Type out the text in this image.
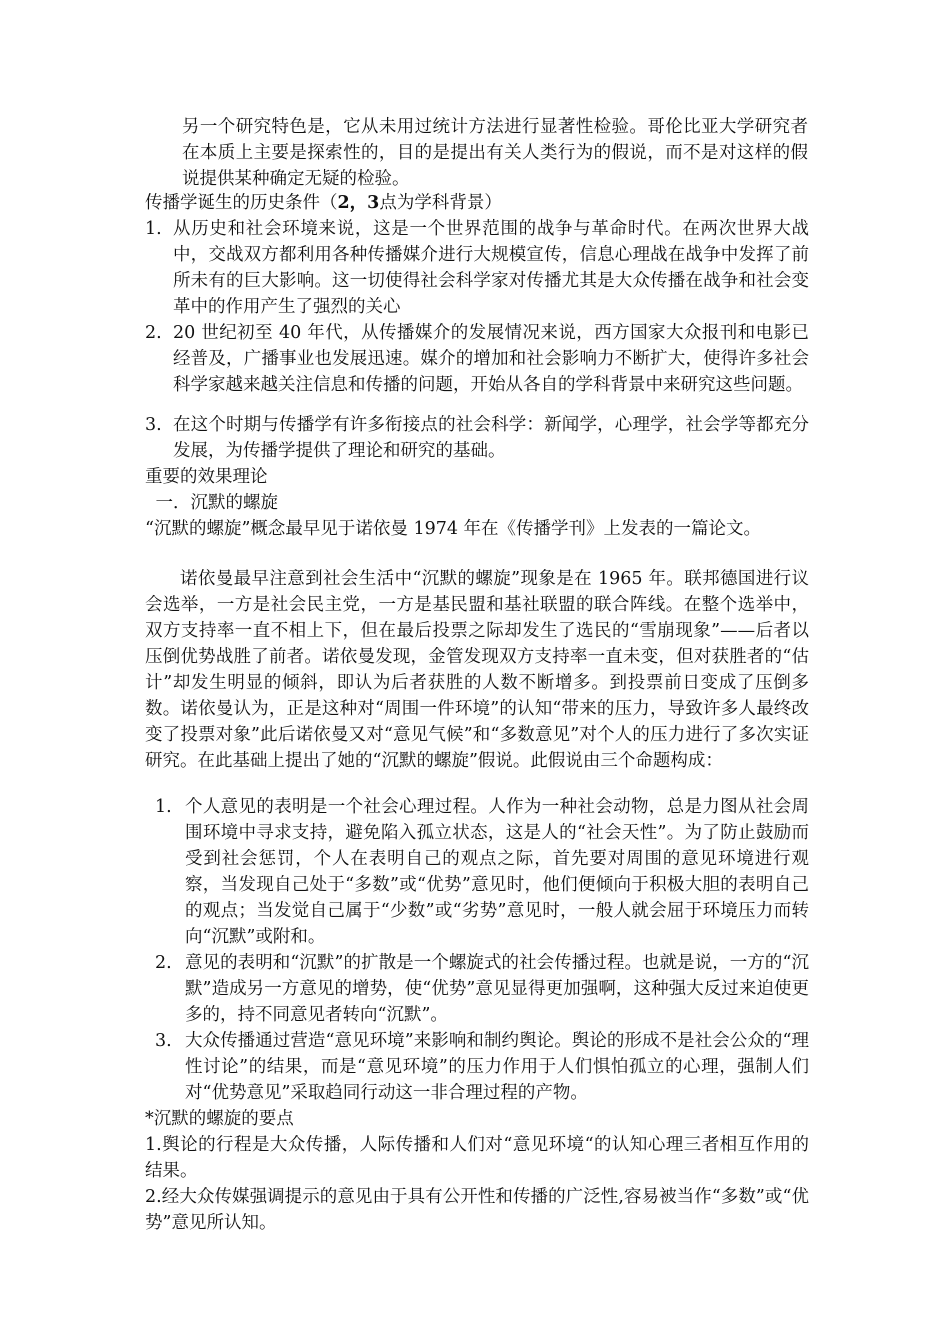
另一个研究特色是，它从未用过统计方法进行显著性检验。哥伦比亚大学研究者在本质上主要是探索性的，目的是提出有关人类行为的假说，而不是对这样的假说提供某种确定无疑的检验。
传播学诞生的历史条件（2，3点为学科背景）
1. 从历史和社会环境来说，这是一个世界范围的战争与革命时代。在两次世界大战中，交战双方都利用各种传播媒介进行大规模宣传，信息心理战在战争中发挥了前所未有的巨大影响。这一切使得社会科学家对传播尤其是大众传播在战争和社会变革中的作用产生了强烈的关心
2. 20 世纪初至 40 年代，从传播媒介的发展情况来说，西方国家大众报刊和电影已经普及，广播事业也发展迅速。媒介的增加和社会影响力不断扩大，使得许多社会科学家越来越关注信息和传播的问题，开始从各自的学科背景中来研究这些问题。
3. 在这个时期与传播学有许多衔接点的社会科学：新闻学，心理学，社会学等都充分发展，为传播学提供了理论和研究的基础。
重要的效果理论
一．沉默的螺旋
“沉默的螺旋”概念最早见于诺依曼 1974 年在《传播学刊》上发表的一篇论文。
诺依曼最早注意到社会生活中“沉默的螺旋”现象是在 1965 年。联邦德国进行议会选举，一方是社会民主党，一方是基民盟和基社联盟的联合阵线。在整个选举中，双方支持率一直不相上下，但在最后投票之际却发生了选民的“雪崩现象”——后者以压倒优势战胜了前者。诺依曼发现，金管发现双方支持率一直未变，但对获胜者的“估计”却发生明显的倾斜，即认为后者获胜的人数不断增多。到投票前日变成了压倒多数。诺依曼认为，正是这种对“周围一件环境”的认知“带来的压力，导致许多人最终改变了投票对象”此后诺依曼又对“意见气候”和“多数意见”对个人的压力进行了多次实证研究。在此基础上提出了她的“沉默的螺旋”假说。此假说由三个命题构成：
1. 个人意见的表明是一个社会心理过程。人作为一种社会动物，总是力图从社会周围环境中寻求支持，避免陷入孤立状态，这是人的“社会天性”。为了防止鼓励而受到社会惩罚，个人在表明自己的观点之际，首先要对周围的意见环境进行观察，当发现自己处于“多数”或“优势”意见时，他们便倾向于积极大胆的表明自己的观点；当发觉自己属于“少数”或“劣势”意见时，一般人就会屈于环境压力而转向“沉默”或附和。
2. 意见的表明和“沉默”的扩散是一个螺旋式的社会传播过程。也就是说，一方的“沉默”造成另一方意见的增势，使“优势”意见显得更加强啊，这种强大反过来迫使更多的，持不同意见者转向“沉默”。
3. 大众传播通过营造“意见环境”来影响和制约舆论。舆论的形成不是社会公众的“理性讨论”的结果，而是“意见环境”的压力作用于人们惧怕孤立的心理，强制人们对“优势意见”采取趋同行动这一非合理过程的产物。
*沉默的螺旋的要点
1.舆论的行程是大众传播，人际传播和人们对“意见环境“的认知心理三者相互作用的结果。
2.经大众传媒强调提示的意见由于具有公开性和传播的广泛性,容易被当作“多数”或“优势”意见所认知。
